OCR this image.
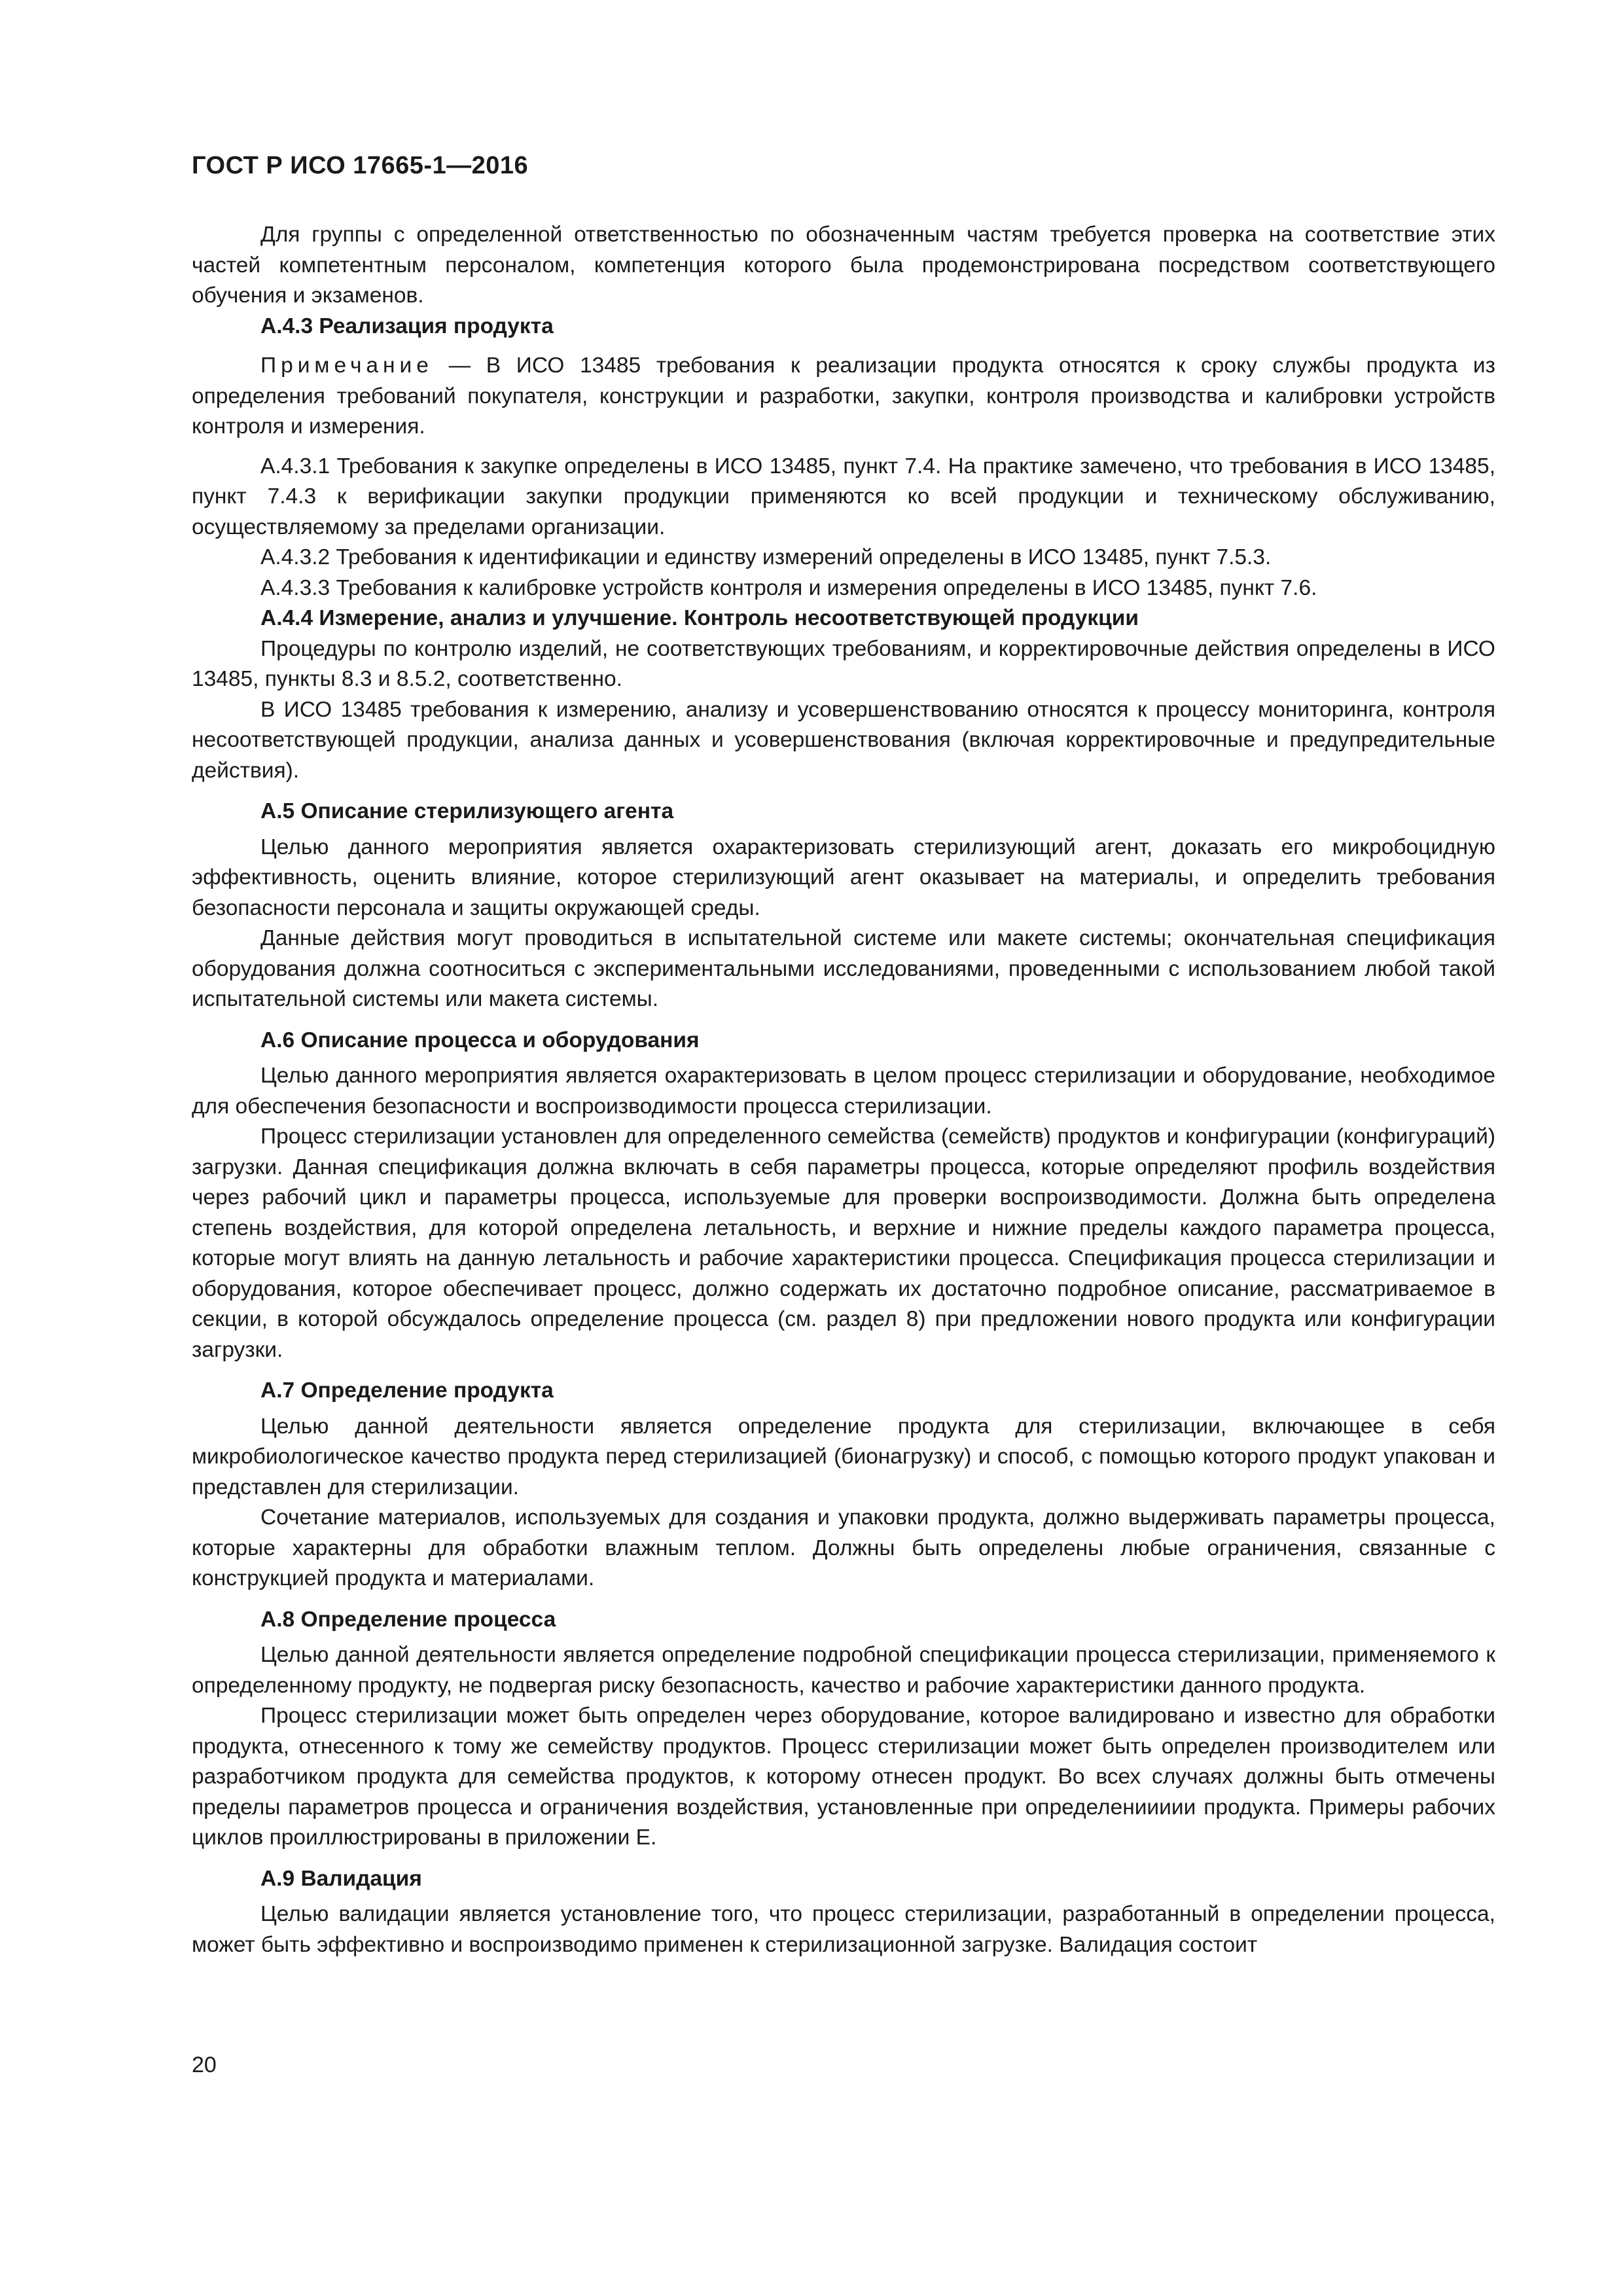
ГОСТ Р ИСО 17665-1—2016

Для группы с определенной ответственностью по обозначенным частям требуется проверка на соответствие этих частей компетентным персоналом, компетенция которого была продемонстрирована посредством соответствующего обучения и экзаменов.

А.4.3 Реализация продукта

Примечание — В ИСО 13485 требования к реализации продукта относятся к сроку службы продукта из определения требований покупателя, конструкции и разработки, закупки, контроля производства и калибровки устройств контроля и измерения.

А.4.3.1 Требования к закупке определены в ИСО 13485, пункт 7.4. На практике замечено, что требования в ИСО 13485, пункт 7.4.3 к верификации закупки продукции применяются ко всей продукции и техническому обслуживанию, осуществляемому за пределами организации.

А.4.3.2 Требования к идентификации и единству измерений определены в ИСО 13485, пункт 7.5.3.

А.4.3.3 Требования к калибровке устройств контроля и измерения определены в ИСО 13485, пункт 7.6.

А.4.4 Измерение, анализ и улучшение. Контроль несоответствующей продукции

Процедуры по контролю изделий, не соответствующих требованиям, и корректировочные действия определены в ИСО 13485, пункты 8.3 и 8.5.2, соответственно.

В ИСО 13485 требования к измерению, анализу и усовершенствованию относятся к процессу мониторинга, контроля несоответствующей продукции, анализа данных и усовершенствования (включая корректировочные и предупредительные действия).

А.5 Описание стерилизующего агента

Целью данного мероприятия является охарактеризовать стерилизующий агент, доказать его микробоцидную эффективность, оценить влияние, которое стерилизующий агент оказывает на материалы, и определить требования безопасности персонала и защиты окружающей среды.

Данные действия могут проводиться в испытательной системе или макете системы; окончательная спецификация оборудования должна соотноситься с экспериментальными исследованиями, проведенными с использованием любой такой испытательной системы или макета системы.

А.6 Описание процесса и оборудования

Целью данного мероприятия является охарактеризовать в целом процесс стерилизации и оборудование, необходимое для обеспечения безопасности и воспроизводимости процесса стерилизации.

Процесс стерилизации установлен для определенного семейства (семейств) продуктов и конфигурации (конфигураций) загрузки. Данная спецификация должна включать в себя параметры процесса, которые определяют профиль воздействия через рабочий цикл и параметры процесса, используемые для проверки воспроизводимости. Должна быть определена степень воздействия, для которой определена летальность, и верхние и нижние пределы каждого параметра процесса, которые могут влиять на данную летальность и рабочие характеристики процесса. Спецификация процесса стерилизации и оборудования, которое обеспечивает процесс, должно содержать их достаточно подробное описание, рассматриваемое в секции, в которой обсуждалось определение процесса (см. раздел 8) при предложении нового продукта или конфигурации загрузки.

А.7 Определение продукта

Целью данной деятельности является определение продукта для стерилизации, включающее в себя микробиологическое качество продукта перед стерилизацией (бионагрузку) и способ, с помощью которого продукт упакован и представлен для стерилизации.

Сочетание материалов, используемых для создания и упаковки продукта, должно выдерживать параметры процесса, которые характерны для обработки влажным теплом. Должны быть определены любые ограничения, связанные с конструкцией продукта и материалами.

А.8 Определение процесса

Целью данной деятельности является определение подробной спецификации процесса стерилизации, применяемого к определенному продукту, не подвергая риску безопасность, качество и рабочие характеристики данного продукта.

Процесс стерилизации может быть определен через оборудование, которое валидировано и известно для обработки продукта, отнесенного к тому же семейству продуктов. Процесс стерилизации может быть определен производителем или разработчиком продукта для семейства продуктов, к которому отнесен продукт. Во всех случаях должны быть отмечены пределы параметров процесса и ограничения воздействия, установленные при определениииии продукта. Примеры рабочих циклов проиллюстрированы в приложении Е.

А.9 Валидация

Целью валидации является установление того, что процесс стерилизации, разработанный в определении процесса, может быть эффективно и воспроизводимо применен к стерилизационной загрузке. Валидация состоит

20
